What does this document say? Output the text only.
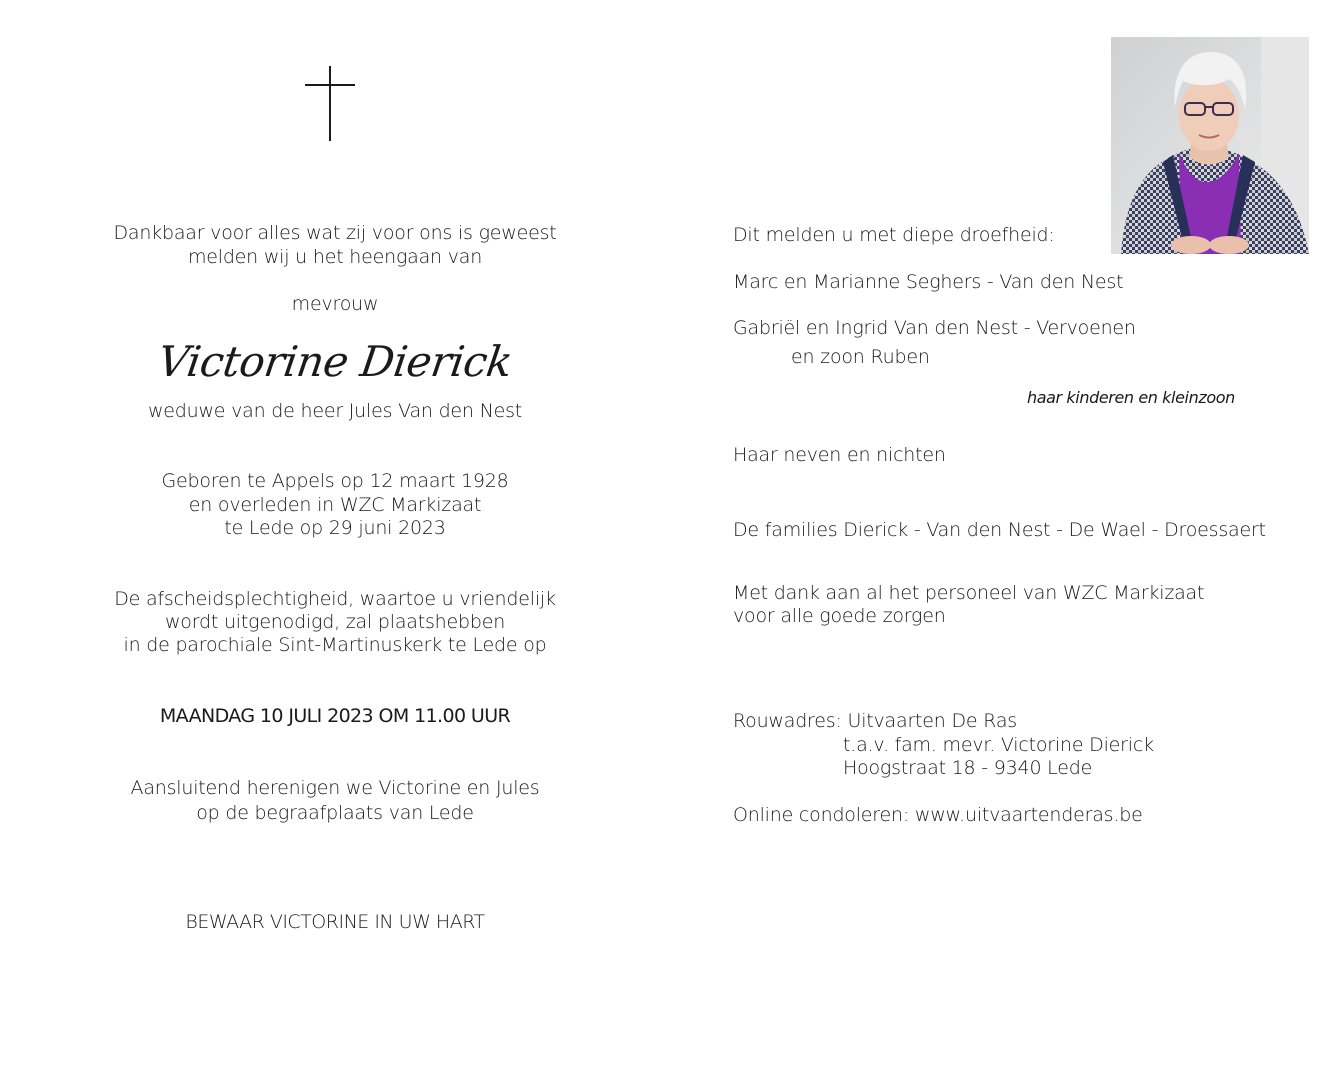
Dankbaar voor alles wat zij voor ons is geweest
melden wij u het heengaan van
mevrouw
Victorine Dierick
weduwe van de heer Jules Van den Nest
Geboren te Appels op 12 maart 1928
en overleden in WZC Markizaat
te Lede op 29 juni 2023
De afscheidsplechtigheid, waartoe u vriendelijk
wordt uitgenodigd, zal plaatshebben
in de parochiale Sint-Martinuskerk te Lede op
MAANDAG 10 JULI 2023 OM 11.00 UUR
Aansluitend herenigen we Victorine en Jules
op de begraafplaats van Lede
BEWAAR VICTORINE IN UW HART
Dit melden u met diepe droefheid:
Marc en Marianne Seghers - Van den Nest
Gabriël en Ingrid Van den Nest - Vervoenen
en zoon Ruben
haar kinderen en kleinzoon
Haar neven en nichten
De families Dierick - Van den Nest - De Wael - Droessaert
Met dank aan al het personeel van WZC Markizaat
voor alle goede zorgen
Rouwadres: Uitvaarten De Ras
t.a.v. fam. mevr. Victorine Dierick
Hoogstraat 18 - 9340 Lede
Online condoleren: www.uitvaartenderas.be
